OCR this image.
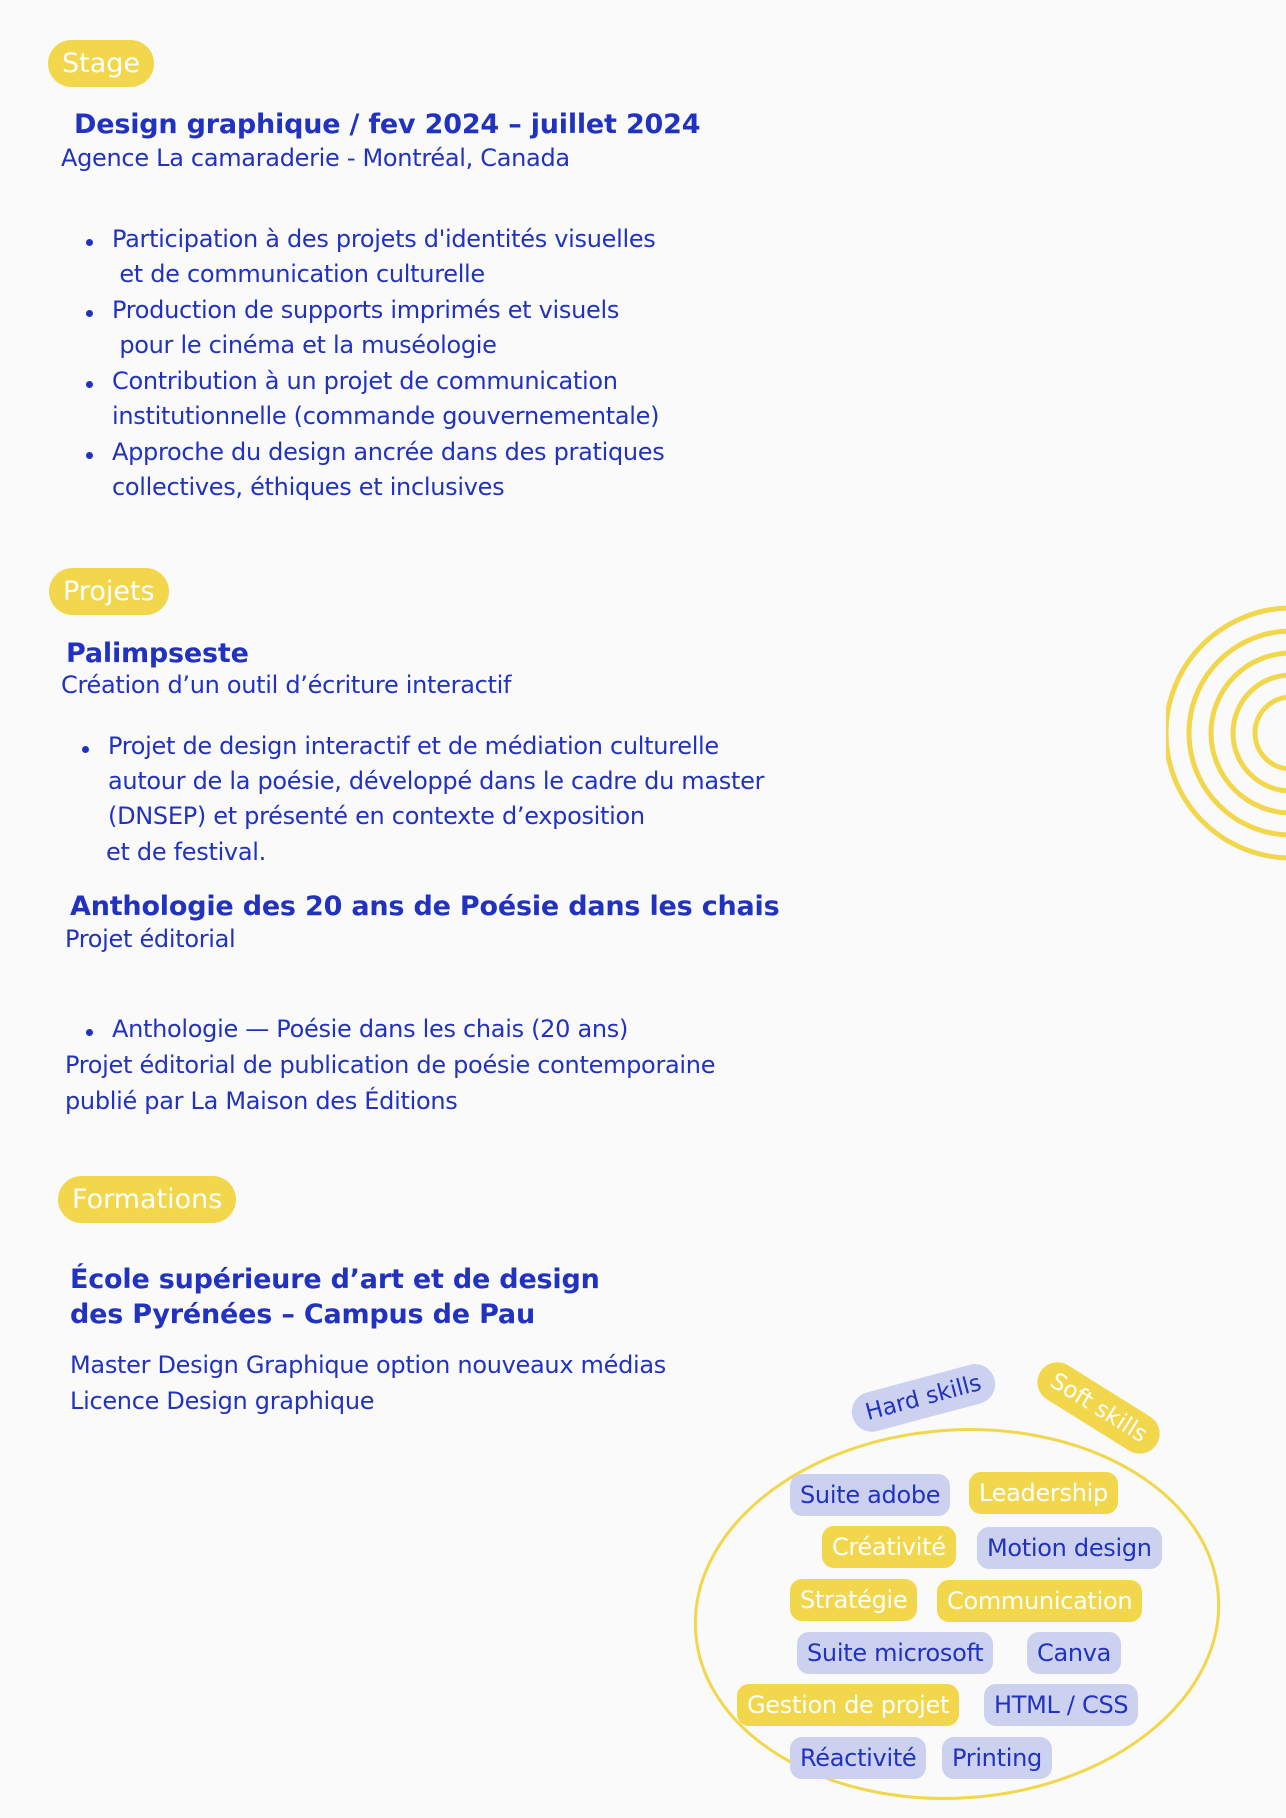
Stage
Design graphique / fev 2024 – juillet 2024
Agence La camaraderie - Montréal, Canada
Participation à des projets d'identités visuelles
et de communication culturelle
Production de supports imprimés et visuels
pour le cinéma et la muséologie
Contribution à un projet de communication
institutionnelle (commande gouvernementale)
Approche du design ancrée dans des pratiques
collectives, éthiques et inclusives
Projets
Palimpseste
Création d’un outil d’écriture interactif
Projet de design interactif et de médiation culturelle
autour de la poésie, développé dans le cadre du master
(DNSEP) et présenté en contexte d’exposition
et de festival.
Anthologie des 20 ans de Poésie dans les chais
Projet éditorial
Anthologie — Poésie dans les chais (20 ans)
Projet éditorial de publication de poésie contemporaine
publié par La Maison des Éditions
Formations
École supérieure d’art et de design
des Pyrénées – Campus de Pau
Master Design Graphique option nouveaux médias
Licence Design graphique	Hard skills	Soft skills
Suite adobe	Leadership
Créativité	Motion design
Stratégie	Communication
Suite microsoft	Canva
Gestion de projet	HTML / CSS
Réactivité	Printing
